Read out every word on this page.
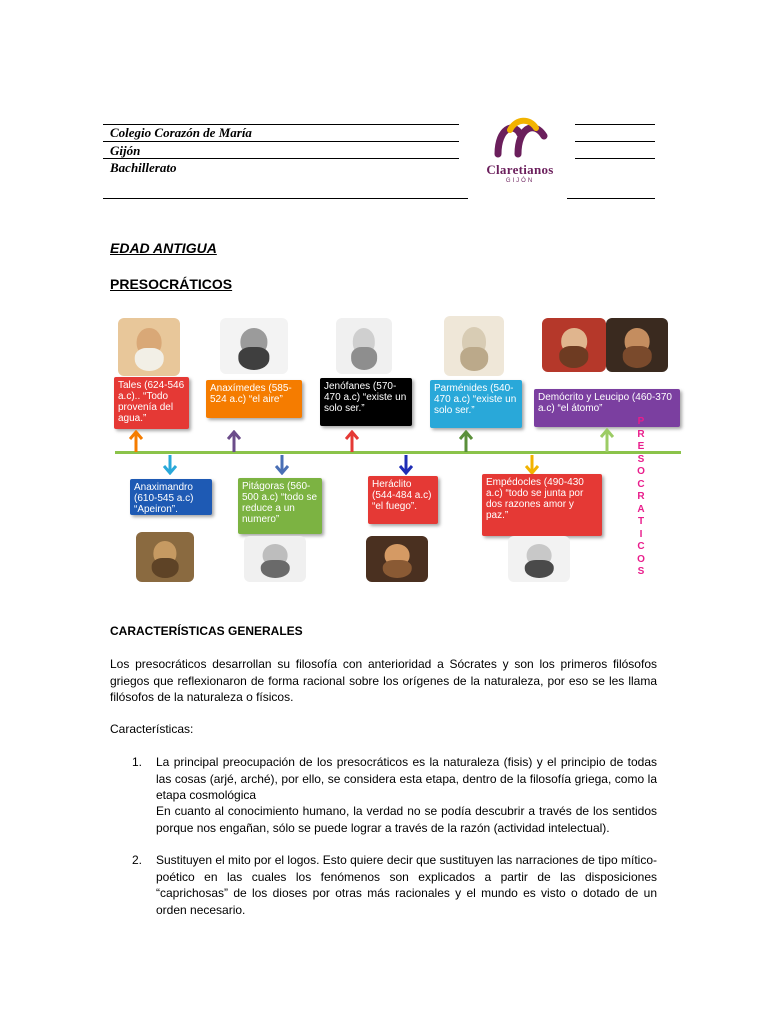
Colegio Corazón de María
Gijón
Bachillerato	Claretianos
GIJÓN
EDAD ANTIGUA
PRESOCRÁTICOS
Tales (624-546 a.c).. “Todo provenía del agua.”
Anaxímedes (585-524 a.c) “el aire”
Jenófanes (570-470 a.c) “existe un solo ser.”
Parménides (540-470 a.c) “existe un solo ser.”
Demócrito y Leucipo (460-370 a.c) “el átomo”
Anaximandro (610-545 a.c) “Apeiron”.
Pitágoras (560-500 a.c) “todo se reduce a un numero”
Heráclito (544-484 a.c) “el fuego”.
Empédocles (490-430 a.c) “todo se junta por dos razones amor y paz.”
P
R
E
S
O
C
R
A
T
I
C
O
S
CARACTERÍSTICAS GENERALES
Los presocráticos desarrollan su filosofía con anterioridad a Sócrates y son los primeros filósofos griegos que reflexionaron de forma racional sobre los orígenes de la naturaleza, por eso se les llama filósofos de la naturaleza o físicos.
Características:
1. La principal preocupación de los presocráticos es la naturaleza (fisis) y el principio de todas las cosas (arjé, arché), por ello, se considera esta etapa, dentro de la filosofía griega, como la etapa cosmológica
En cuanto al conocimiento humano, la verdad no se podía descubrir a través de los sentidos porque nos engañan, sólo se puede lograr a través de la razón (actividad intelectual).
2. Sustituyen el mito por el logos. Esto quiere decir que sustituyen las narraciones de tipo mítico-poético en las cuales los fenómenos son explicados a partir de las disposiciones “caprichosas” de los dioses por otras más racionales y el mundo es visto o dotado de un orden necesario.
